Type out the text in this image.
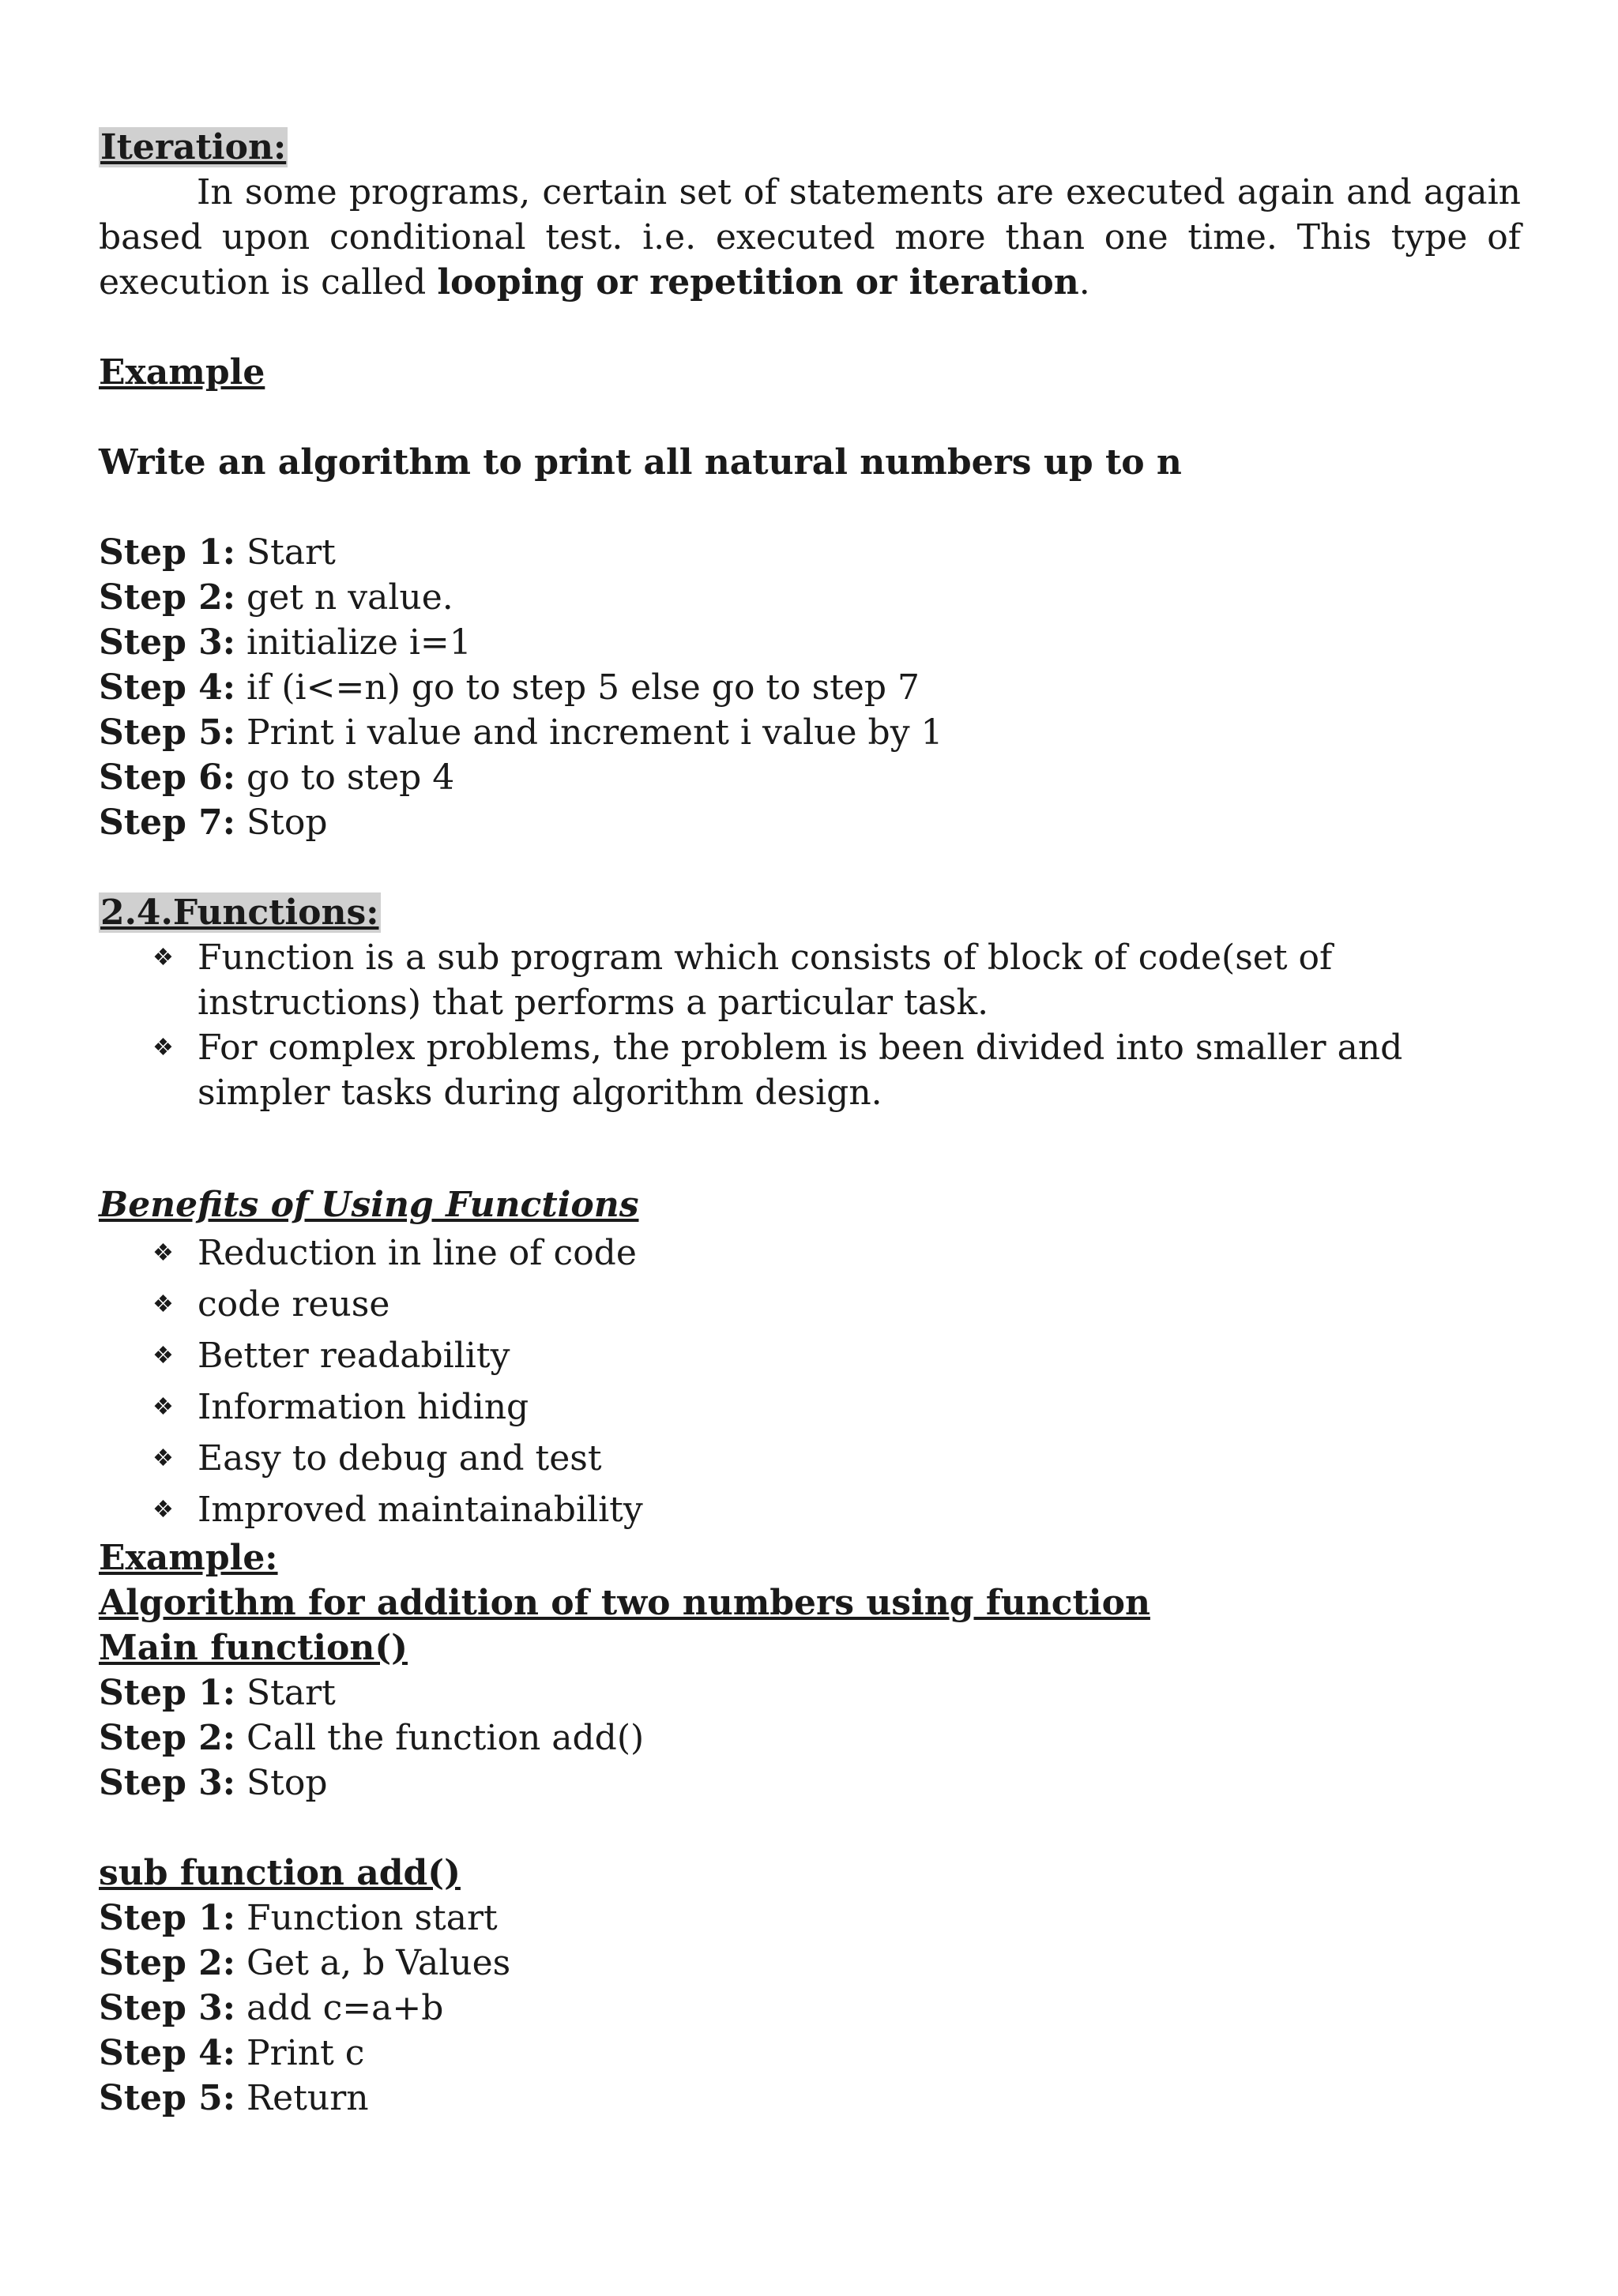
Iteration:

In some programs, certain set of statements are executed again and again based upon conditional test. i.e. executed more than one time. This type of execution is called looping or repetition or iteration.

Example
Write an algorithm to print all natural numbers up to n
Step 1: Start
Step 2: get n value.
Step 3: initialize i=1
Step 4: if (i<=n) go to step 5 else go to step 7
Step 5: Print i value and increment i value by 1
Step 6: go to step 4
Step 7: Stop
2.4.Functions:
❖ Function is a sub program which consists of block of code(set of instructions) that performs a particular task.
❖ For complex problems, the problem is been divided into smaller and simpler tasks during algorithm design.
Benefits of Using Functions
❖ Reduction in line of code
❖ code reuse
❖ Better readability
❖ Information hiding
❖ Easy to debug and test
❖ Improved maintainability
Example:
Algorithm for addition of two numbers using function
Main function()
Step 1: Start
Step 2: Call the function add()
Step 3: Stop
sub function add()
Step 1: Function start
Step 2: Get a, b Values
Step 3: add c=a+b
Step 4: Print c
Step 5: Return
